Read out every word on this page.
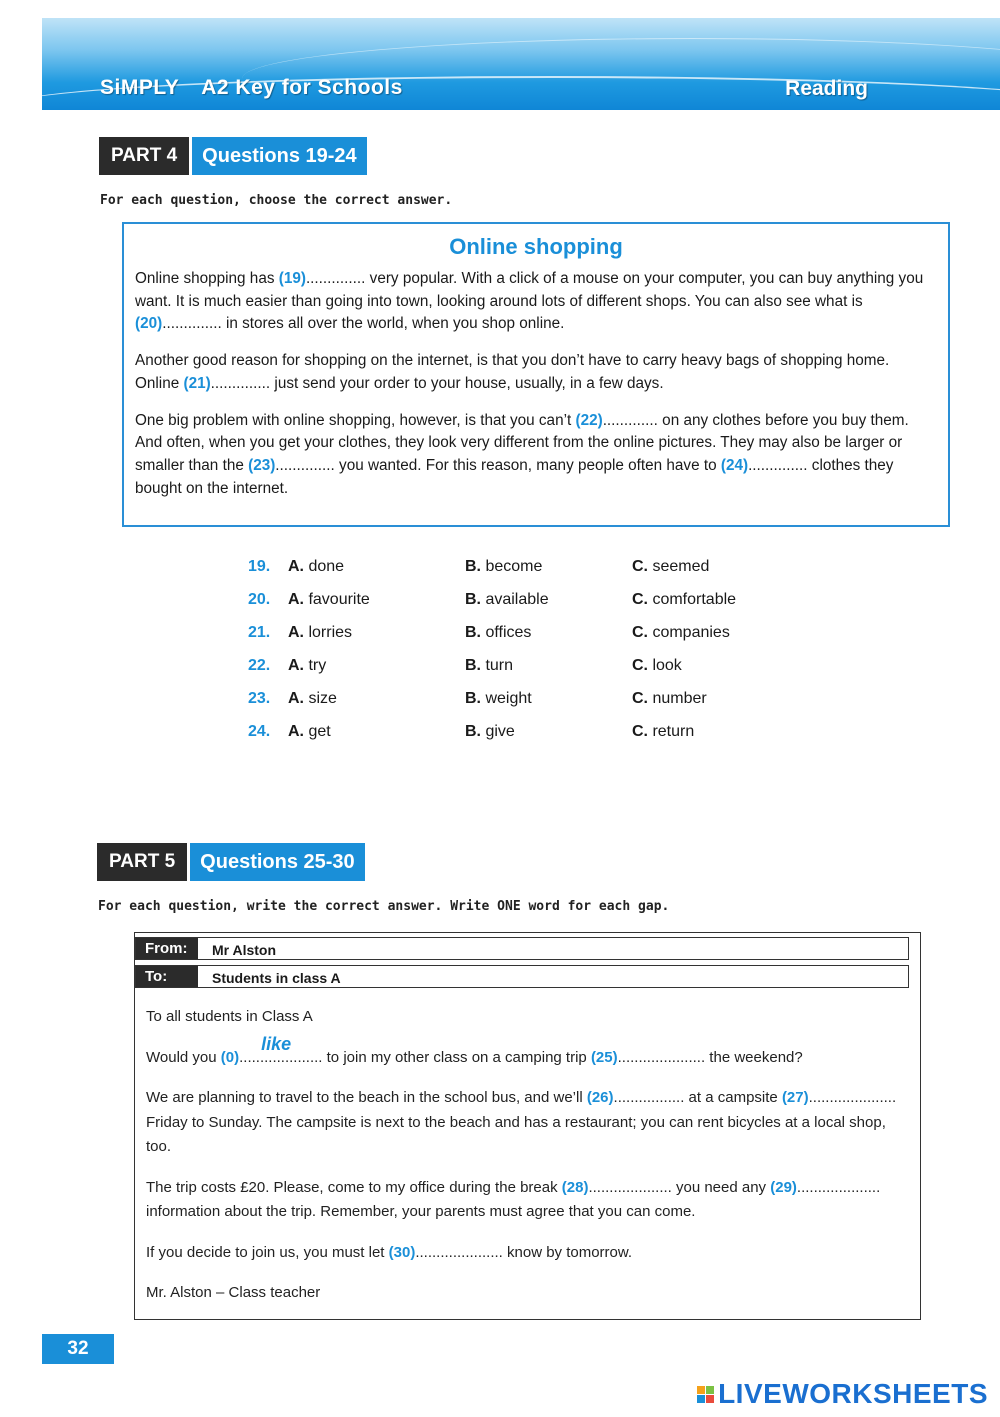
SiMPLY A2 Key for Schools	Reading
PART 4	Questions 19-24
For each question, choose the correct answer.
Online shopping

Online shopping has (19).............. very popular. With a click of a mouse on your computer, you can buy anything you want. It is much easier than going into town, looking around lots of different shops. You can also see what is (20).............. in stores all over the world, when you shop online.

Another good reason for shopping on the internet, is that you don’t have to carry heavy bags of shopping home. Online (21).............. just send your order to your house, usually, in a few days.

One big problem with online shopping, however, is that you can’t (22)............. on any clothes before you buy them. And often, when you get your clothes, they look very different from the online pictures. They may also be larger or smaller than the (23).............. you wanted. For this reason, many people often have to (24).............. clothes they bought on the internet.

19.	A. done	B. become	C. seemed
20.	A. favourite	B. available	C. comfortable
21.	A. lorries	B. offices	C. companies
22.	A. try	B. turn	C. look
23.	A. size	B. weight	C. number
24.	A. get	B. give	C. return
PART 5	Questions 25-30
For each question, write the correct answer. Write ONE word for each gap.
From:	Mr Alston
To:	Students in class A

To all students in Class A

Would you (0)....................
like
to join my other class on a camping trip (25)..................... the weekend?

We are planning to travel to the beach in the school bus, and we’ll (26)................. at a campsite (27)..................... Friday to Sunday. The campsite is next to the beach and has a restaurant; you can rent bicycles at a local shop, too.

The trip costs £20. Please, come to my office during the break (28).................... you need any (29).................... information about the trip. Remember, your parents must agree that you can come.

If you decide to join us, you must let (30)..................... know by tomorrow.

Mr. Alston – Class teacher

32
LIVEWORKSHEETS
